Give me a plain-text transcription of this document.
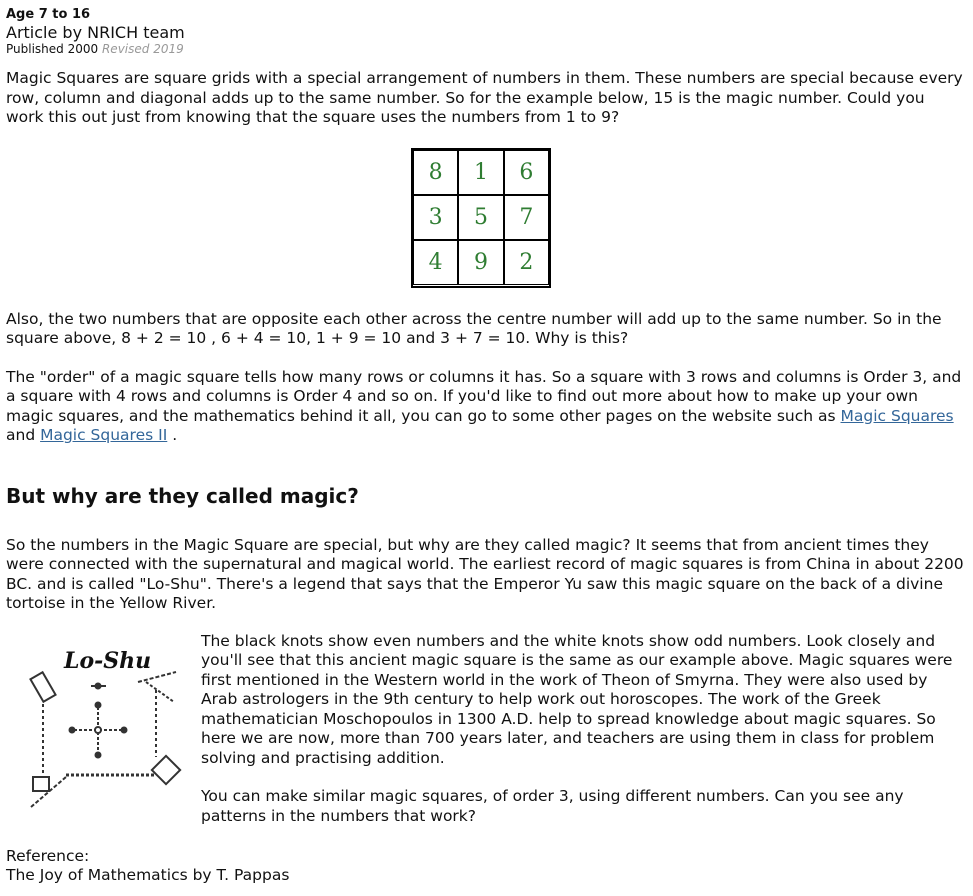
Age 7 to 16

Article by NRICH team

Published 2000 Revised 2019

Magic Squares are square grids with a special arrangement of numbers in them. These numbers are special because every row, column and diagonal adds up to the same number. So for the example below, 15 is the magic number. Could you work this out just from knowing that the square uses the numbers from 1 to 9?

8	1	6
3	5	7
4	9	2

Also, the two numbers that are opposite each other across the centre number will add up to the same number. So in the square above, 8 + 2 = 10 , 6 + 4 = 10, 1 + 9 = 10 and 3 + 7 = 10. Why is this?

The "order" of a magic square tells how many rows or columns it has. So a square with 3 rows and columns is Order 3, and a square with 4 rows and columns is Order 4 and so on. If you'd like to find out more about how to make up your own magic squares, and the mathematics behind it all, you can go to some other pages on the website such as Magic Squares and Magic Squares II .

But why are they called magic?

So the numbers in the Magic Square are special, but why are they called magic? It seems that from ancient times they were connected with the supernatural and magical world. The earliest record of magic squares is from China in about 2200 BC. and is called "Lo-Shu". There's a legend that says that the Emperor Yu saw this magic square on the back of a divine tortoise in the Yellow River.

Lo-Shu

The black knots show even numbers and the white knots show odd numbers. Look closely and you'll see that this ancient magic square is the same as our example above. Magic squares were first mentioned in the Western world in the work of Theon of Smyrna. They were also used by Arab astrologers in the 9th century to help work out horoscopes. The work of the Greek mathematician Moschopoulos in 1300 A.D. help to spread knowledge about magic squares. So here we are now, more than 700 years later, and teachers are using them in class for problem solving and practising addition.

You can make similar magic squares, of order 3, using different numbers. Can you see any patterns in the numbers that work?

Reference:
The Joy of Mathematics by T. Pappas
